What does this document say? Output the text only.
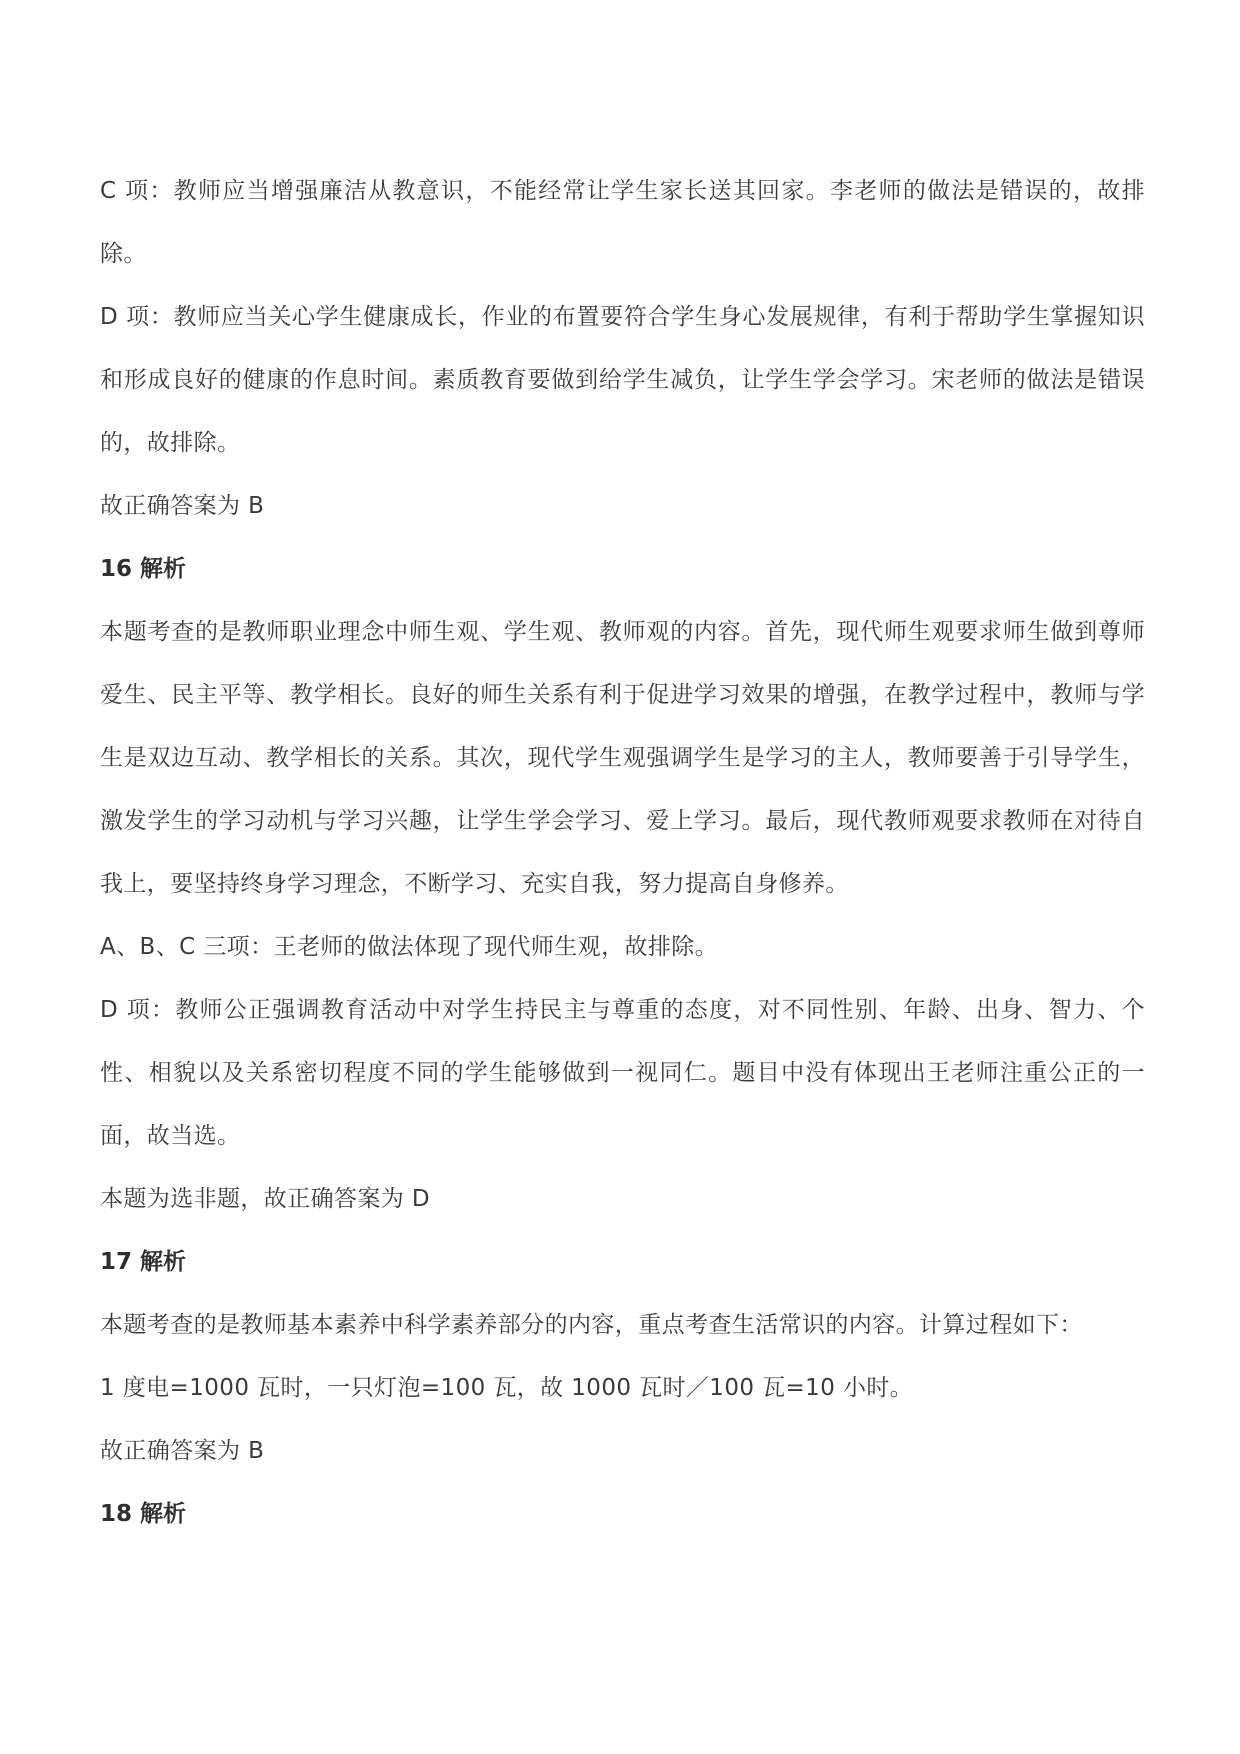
C 项：教师应当增强廉洁从教意识，不能经常让学生家长送其回家。李老师的做法是错误的，故排除。

D 项：教师应当关心学生健康成长，作业的布置要符合学生身心发展规律，有利于帮助学生掌握知识和形成良好的健康的作息时间。素质教育要做到给学生减负，让学生学会学习。宋老师的做法是错误的，故排除。

故正确答案为 B

16 解析

本题考查的是教师职业理念中师生观、学生观、教师观的内容。首先，现代师生观要求师生做到尊师爱生、民主平等、教学相长。良好的师生关系有利于促进学习效果的增强，在教学过程中，教师与学生是双边互动、教学相长的关系。其次，现代学生观强调学生是学习的主人，教师要善于引导学生，激发学生的学习动机与学习兴趣，让学生学会学习、爱上学习。最后，现代教师观要求教师在对待自我上，要坚持终身学习理念，不断学习、充实自我，努力提高自身修养。

A、B、C 三项：王老师的做法体现了现代师生观，故排除。

D 项：教师公正强调教育活动中对学生持民主与尊重的态度，对不同性别、年龄、出身、智力、个性、相貌以及关系密切程度不同的学生能够做到一视同仁。题目中没有体现出王老师注重公正的一面，故当选。

本题为选非题，故正确答案为 D

17 解析

本题考查的是教师基本素养中科学素养部分的内容，重点考查生活常识的内容。计算过程如下：

1 度电=1000 瓦时，一只灯泡=100 瓦，故 1000 瓦时／100 瓦=10 小时。

故正确答案为 B

18 解析
